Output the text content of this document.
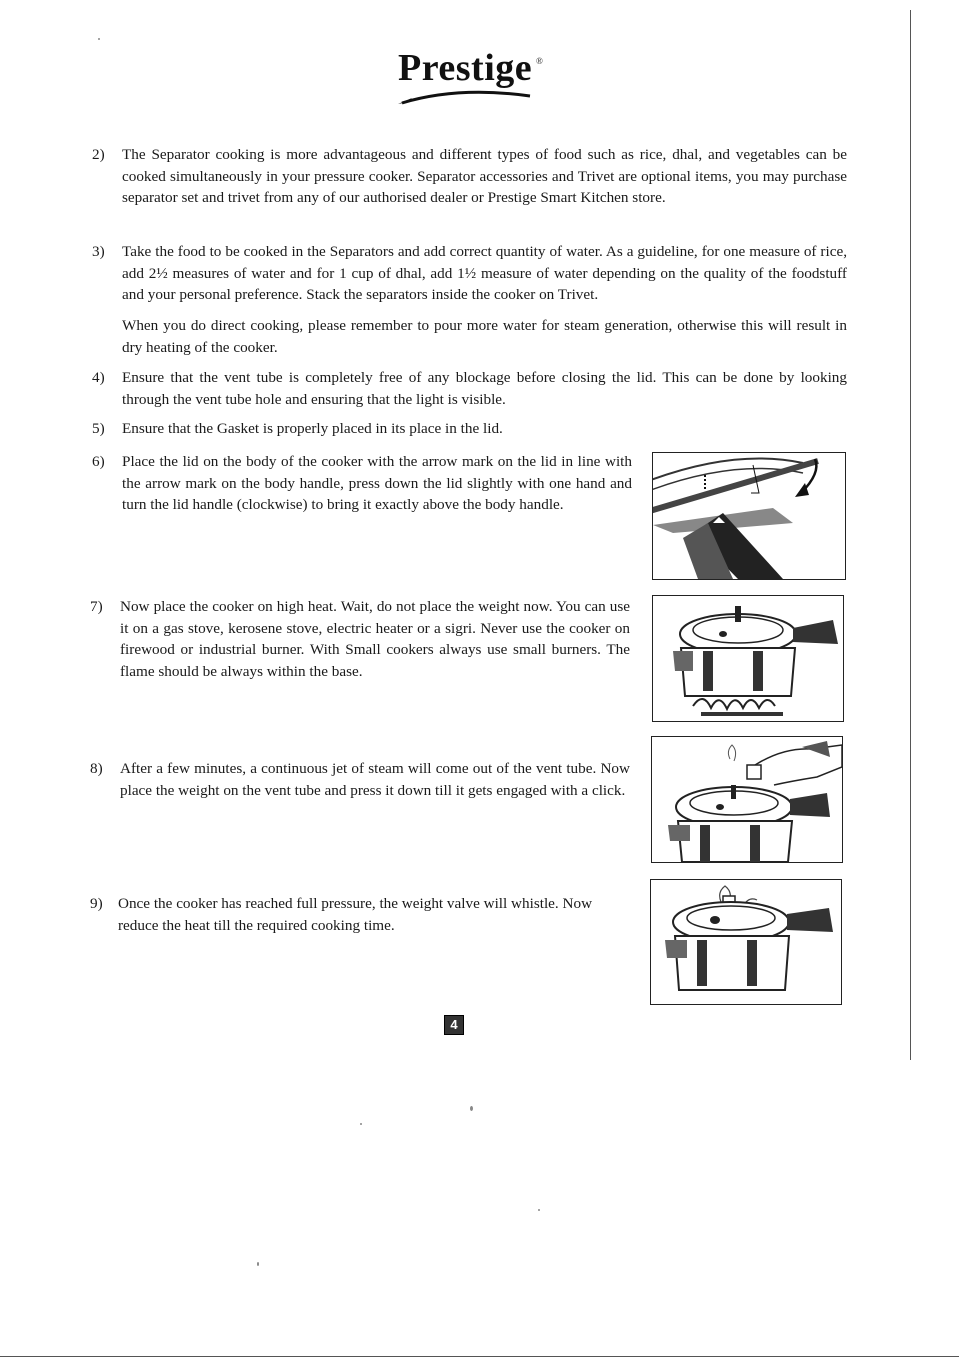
Prestige ®
2)	The Separator cooking is more advantageous and different types of food such as rice, dhal, and vegetables can be cooked simultaneously in your pressure cooker. Separator accessories and Trivet are optional items, you may purchase separator set and trivet from any of our authorised dealer or Prestige Smart Kitchen store.
3)	Take the food to be cooked in the Separators and add correct quantity of water. As a guideline, for one measure of rice, add 2½ measures of water and for 1 cup of dhal, add 1½ measure of water depending on the quality of the foodstuff and your personal preference. Stack the separators inside the cooker on Trivet.
When you do direct cooking, please remember to pour more water for steam generation, otherwise this will result in dry heating of the cooker.
4)	Ensure that the vent tube is completely free of any blockage before closing the lid. This can be done by looking through the vent tube hole and ensuring that the light is visible.
5)	Ensure that the Gasket is properly placed in its place in the lid.
6)	Place the lid on the body of the cooker with the arrow mark on the lid in line with the arrow mark on the body handle, press down the lid slightly with one hand and turn the lid handle (clockwise) to bring it exactly above the body handle.
7)	Now place the cooker on high heat. Wait, do not place the weight now. You can use it on a gas stove, kerosene stove, electric heater or a sigri. Never use the cooker on firewood or industrial burner. With Small cookers always use small burners. The flame should be always within the base.
8)	After a few minutes, a continuous jet of steam will come out of the vent tube. Now place the weight on the vent tube and press it down till it gets engaged with a click.
9)	Once the cooker has reached full pressure, the weight valve will whistle. Now reduce the heat till the required cooking time.
4
